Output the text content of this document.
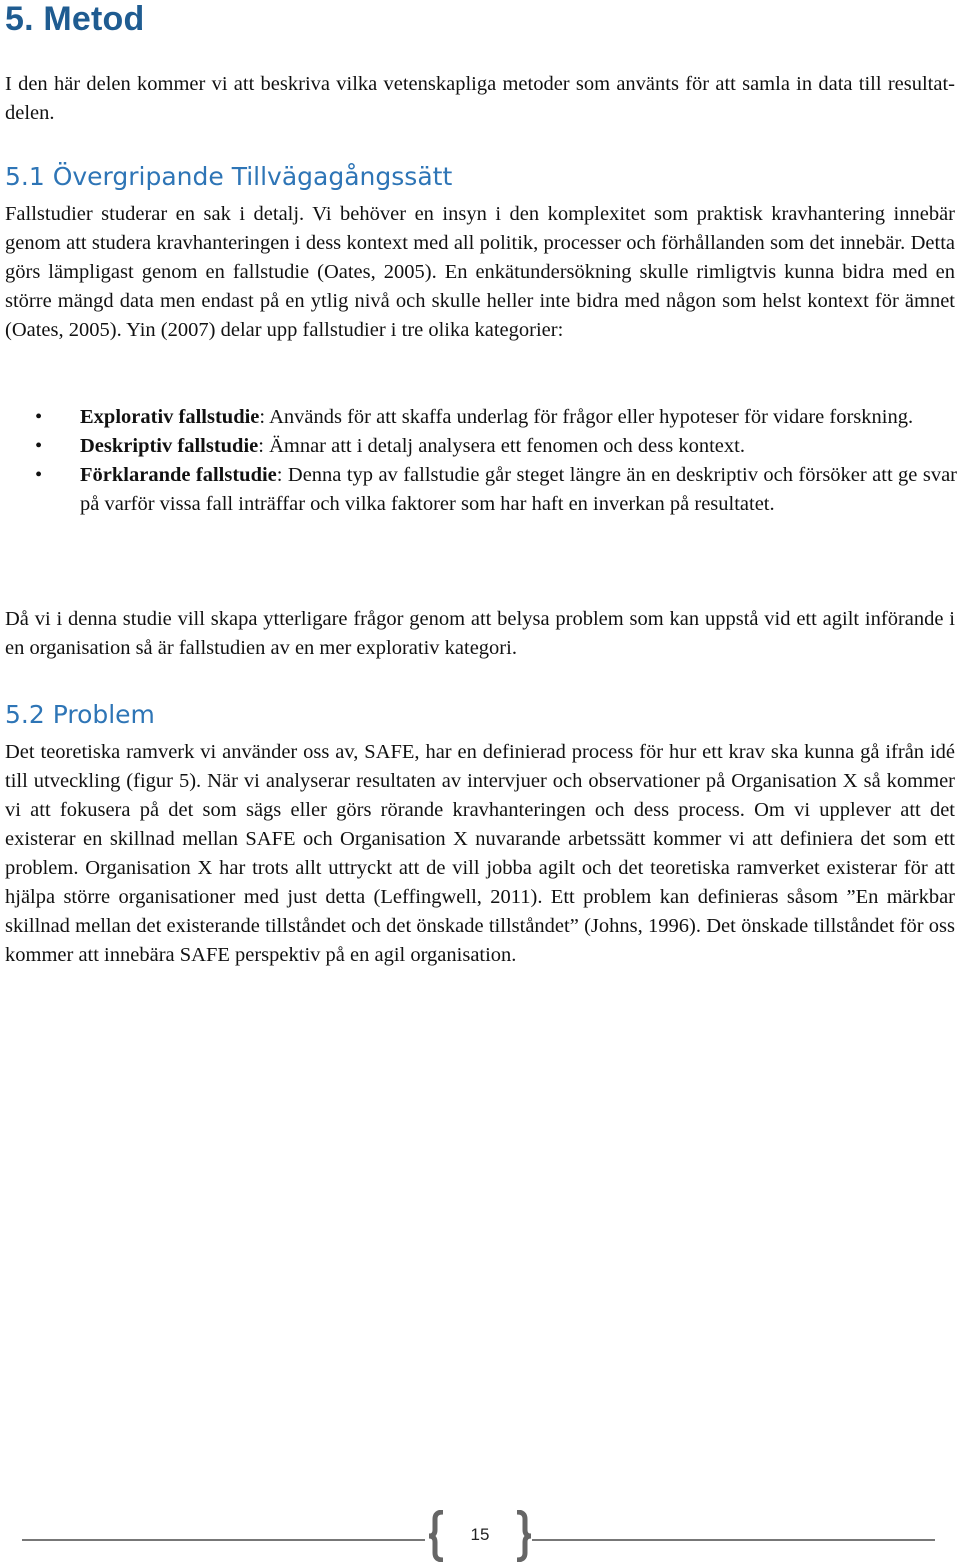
5. Metod

I den här delen kommer vi att beskriva vilka vetenskapliga metoder som använts för att samla in data till resultat-delen.

5.1 Övergripande Tillvägagångssätt

Fallstudier studerar en sak i detalj. Vi behöver en insyn i den komplexitet som praktisk kravhantering innebär genom att studera kravhanteringen i dess kontext med all politik, processer och förhållanden som det innebär. Detta görs lämpligast genom en fallstudie (Oates, 2005). En enkätundersökning skulle rimligtvis kunna bidra med en större mängd data men endast på en ytlig nivå och skulle heller inte bidra med någon som helst kontext för ämnet (Oates, 2005). Yin (2007) delar upp fallstudier i tre olika kategorier:

• Explorativ fallstudie: Används för att skaffa underlag för frågor eller hypoteser för vidare forskning.
• Deskriptiv fallstudie: Ämnar att i detalj analysera ett fenomen och dess kontext.
• Förklarande fallstudie: Denna typ av fallstudie går steget längre än en deskriptiv och försöker att ge svar på varför vissa fall inträffar och vilka faktorer som har haft en inverkan på resultatet.

Då vi i denna studie vill skapa ytterligare frågor genom att belysa problem som kan uppstå vid ett agilt införande i en organisation så är fallstudien av en mer explorativ kategori.

5.2 Problem

Det teoretiska ramverk vi använder oss av, SAFE, har en definierad process för hur ett krav ska kunna gå ifrån idé till utveckling (figur 5). När vi analyserar resultaten av intervjuer och observationer på Organisation X så kommer vi att fokusera på det som sägs eller görs rörande kravhanteringen och dess process. Om vi upplever att det existerar en skillnad mellan SAFE och Organisation X nuvarande arbetssätt kommer vi att definiera det som ett problem. Organisation X har trots allt uttryckt att de vill jobba agilt och det teoretiska ramverket existerar för att hjälpa större organisationer med just detta (Leffingwell, 2011). Ett problem kan definieras såsom ”En märkbar skillnad mellan det existerande tillståndet och det önskade tillståndet” (Johns, 1996). Det önskade tillståndet för oss kommer att innebära SAFE perspektiv på en agil organisation.

15
